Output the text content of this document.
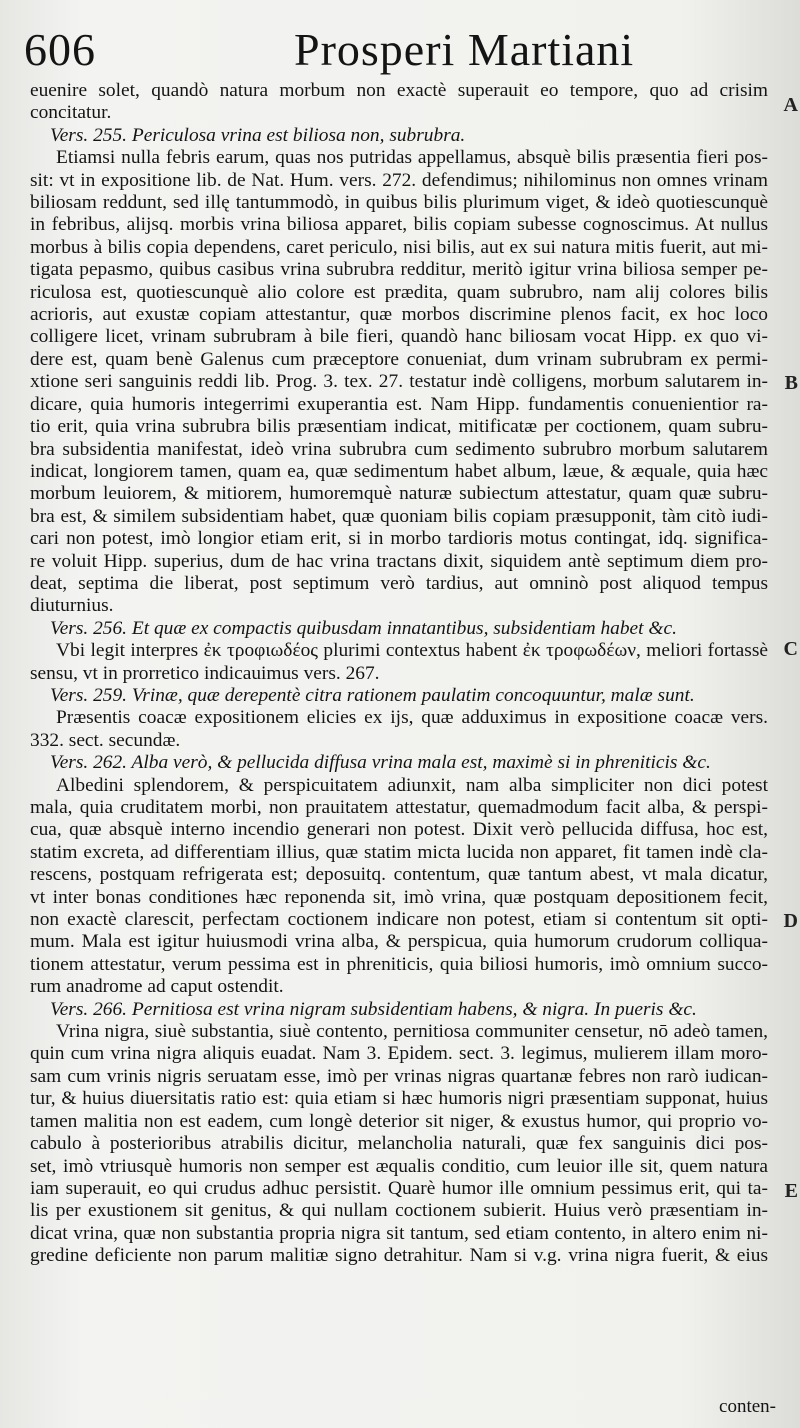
606	Prosperi Martiani
euenire solet, quandò natura morbum non exactè superauit eo tempore, quo ad crisim
concitatur.
Vers. 255. Periculosa vrina est biliosa non, subrubra.
Etiamsi nulla febris earum, quas nos putridas appellamus, absquè bilis præsentia fieri pos-
sit: vt in expositione lib. de Nat. Hum. vers. 272. defendimus; nihilominus non omnes vrinam
biliosam reddunt, sed illę tantummodò, in quibus bilis plurimum viget, & ideò quotiescunquè
in febribus, alijsq. morbis vrina biliosa apparet, bilis copiam subesse cognoscimus. At nullus
morbus à bilis copia dependens, caret periculo, nisi bilis, aut ex sui natura mitis fuerit, aut mi-
tigata pepasmo, quibus casibus vrina subrubra redditur, meritò igitur vrina biliosa semper pe-
riculosa est, quotiescunquè alio colore est prædita, quam subrubro, nam alij colores bilis
acrioris, aut exustæ copiam attestantur, quæ morbos discrimine plenos facit, ex hoc loco
colligere licet, vrinam subrubram à bile fieri, quandò hanc biliosam vocat Hipp. ex quo vi-
dere est, quam benè Galenus cum præceptore conueniat, dum vrinam subrubram ex permi-
xtione seri sanguinis reddi lib. Prog. 3. tex. 27. testatur indè colligens, morbum salutarem in-
dicare, quia humoris integerrimi exuperantia est. Nam Hipp. fundamentis conuenientior ra-
tio erit, quia vrina subrubra bilis præsentiam indicat, mitificatæ per coctionem, quam subru-
bra subsidentia manifestat, ideò vrina subrubra cum sedimento subrubro morbum salutarem
indicat, longiorem tamen, quam ea, quæ sedimentum habet album, læue, & æquale, quia hæc
morbum leuiorem, & mitiorem, humoremquè naturæ subiectum attestatur, quam quæ subru-
bra est, & similem subsidentiam habet, quæ quoniam bilis copiam præsupponit, tàm citò iudi-
cari non potest, imò longior etiam erit, si in morbo tardioris motus contingat, idq. significa-
re voluit Hipp. superius, dum de hac vrina tractans dixit, siquidem antè septimum diem pro-
deat, septima die liberat, post septimum verò tardius, aut omninò post aliquod tempus
diuturnius.
Vers. 256. Et quæ ex compactis quibusdam innatantibus, subsidentiam habet &c.
Vbi legit interpres ἐκ τροφιωδέος plurimi contextus habent ἐκ τροφωδέων, meliori fortassè
sensu, vt in prorretico indicauimus vers. 267.
Vers. 259. Vrinæ, quæ derepentè citra rationem paulatim concoquuntur, malæ sunt.
Præsentis coacæ expositionem elicies ex ijs, quæ adduximus in expositione coacæ vers.
332. sect. secundæ.
Vers. 262. Alba verò, & pellucida diffusa vrina mala est, maximè si in phreniticis &c.
Albedini splendorem, & perspicuitatem adiunxit, nam alba simpliciter non dici potest
mala, quia cruditatem morbi, non prauitatem attestatur, quemadmodum facit alba, & perspi-
cua, quæ absquè interno incendio generari non potest. Dixit verò pellucida diffusa, hoc est,
statim excreta, ad differentiam illius, quæ statim micta lucida non apparet, fit tamen indè cla-
rescens, postquam refrigerata est; deposuitq. contentum, quæ tantum abest, vt mala dicatur,
vt inter bonas conditiones hæc reponenda sit, imò vrina, quæ postquam depositionem fecit,
non exactè clarescit, perfectam coctionem indicare non potest, etiam si contentum sit opti-
mum. Mala est igitur huiusmodi vrina alba, & perspicua, quia humorum crudorum colliqua-
tionem attestatur, verum pessima est in phreniticis, quia biliosi humoris, imò omnium succo-
rum anadrome ad caput ostendit.
Vers. 266. Pernitiosa est vrina nigram subsidentiam habens, & nigra. In pueris &c.
Vrina nigra, siuè substantia, siuè contento, pernitiosa communiter censetur, nō adeò tamen,
quin cum vrina nigra aliquis euadat. Nam 3. Epidem. sect. 3. legimus, mulierem illam moro-
sam cum vrinis nigris seruatam esse, imò per vrinas nigras quartanæ febres non rarò iudican-
tur, & huius diuersitatis ratio est: quia etiam si hæc humoris nigri præsentiam supponat, huius
tamen malitia non est eadem, cum longè deterior sit niger, & exustus humor, qui proprio vo-
cabulo à posterioribus atrabilis dicitur, melancholia naturali, quæ fex sanguinis dici pos-
set, imò vtriusquè humoris non semper est æqualis conditio, cum leuior ille sit, quem natura
iam superauit, eo qui crudus adhuc persistit. Quarè humor ille omnium pessimus erit, qui ta-
lis per exustionem sit genitus, & qui nullam coctionem subierit. Huius verò præsentiam in-
dicat vrina, quæ non substantia propria nigra sit tantum, sed etiam contento, in altero enim ni-
gredine deficiente non parum malitiæ signo detrahitur. Nam si v.g. vrina nigra fuerit, & eius
A
B
C
D
E
conten-
